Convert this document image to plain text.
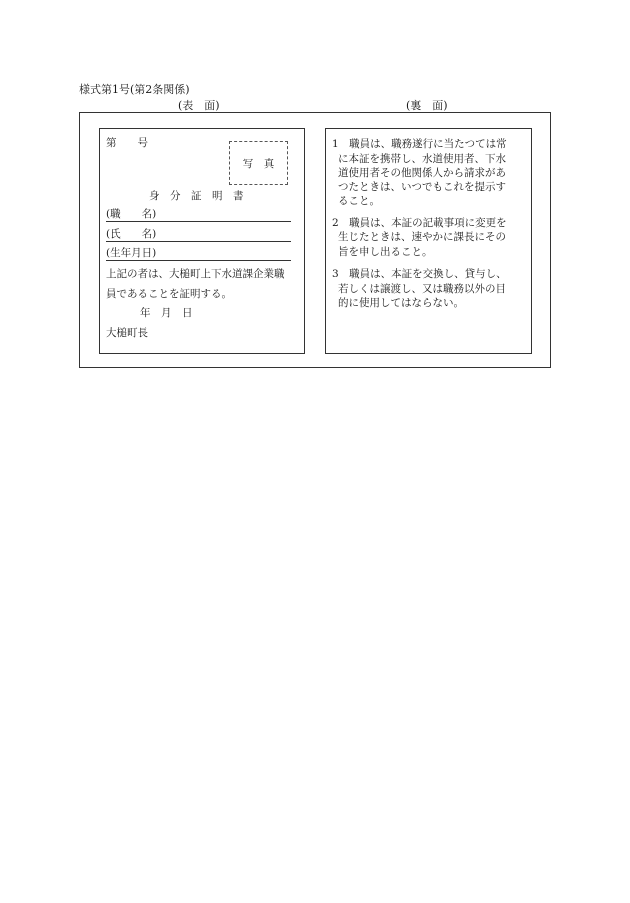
様式第1号(第2条関係)
(表　面)	(裏　面)
第　　号
写　真
身　分　証　明　書
(職　　名)
(氏　　名)
(生年月日)
上記の者は、大槌町上下水道課企業職
員であることを証明する。
年　月　日
大槌町長
1　職員は、職務遂行に当たつては常
に本証を携帯し、水道使用者、下水
道使用者その他関係人から請求があ
つたときは、いつでもこれを提示す
ること。
2　職員は、本証の記載事項に変更を
生じたときは、速やかに課長にその
旨を申し出ること。
3　職員は、本証を交換し、貸与し、
若しくは譲渡し、又は職務以外の目
的に使用してはならない。
